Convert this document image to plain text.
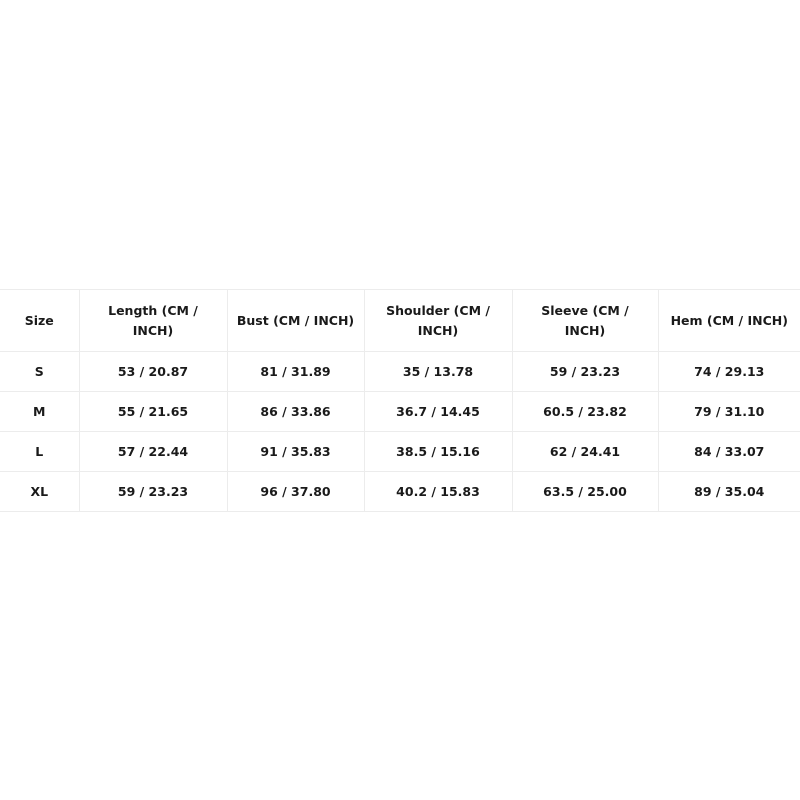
Size	Length (CM / INCH)	Bust (CM / INCH)	Shoulder (CM / INCH)	Sleeve (CM / INCH)	Hem (CM / INCH)
S	53 / 20.87	81 / 31.89	35 / 13.78	59 / 23.23	74 / 29.13
M	55 / 21.65	86 / 33.86	36.7 / 14.45	60.5 / 23.82	79 / 31.10
L	57 / 22.44	91 / 35.83	38.5 / 15.16	62 / 24.41	84 / 33.07
XL	59 / 23.23	96 / 37.80	40.2 / 15.83	63.5 / 25.00	89 / 35.04
